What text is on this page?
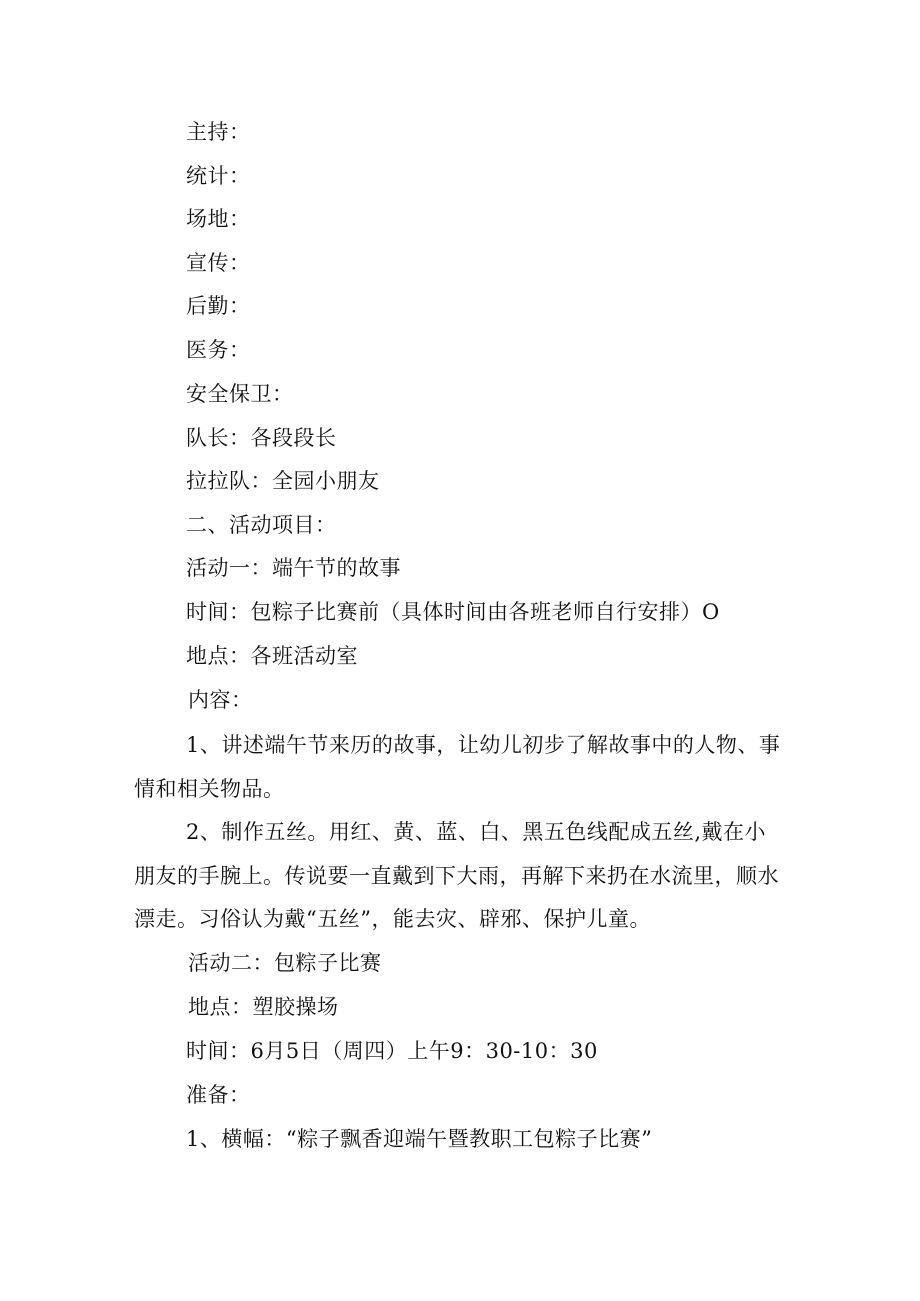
主持：
统计：
场地：
宣传：
后勤：
医务：
安全保卫：
队长：各段段长
拉拉队：全园小朋友
二、活动项目：
活动一：端午节的故事
时间：包粽子比赛前（具体时间由各班老师自行安排）O
地点：各班活动室
内容：
1、讲述端午节来历的故事，让幼儿初步了解故事中的人物、事情和相关物品。
2、制作五丝。用红、黄、蓝、白、黑五色线配成五丝,戴在小朋友的手腕上。传说要一直戴到下大雨，再解下来扔在水流里，顺水漂走。习俗认为戴“五丝”，能去灾、辟邪、保护儿童。
活动二：包粽子比赛
地点：塑胶操场
时间：6月5日（周四）上午9：30-10：30
准备：
1、横幅：“粽子飘香迎端午暨教职工包粽子比赛”
